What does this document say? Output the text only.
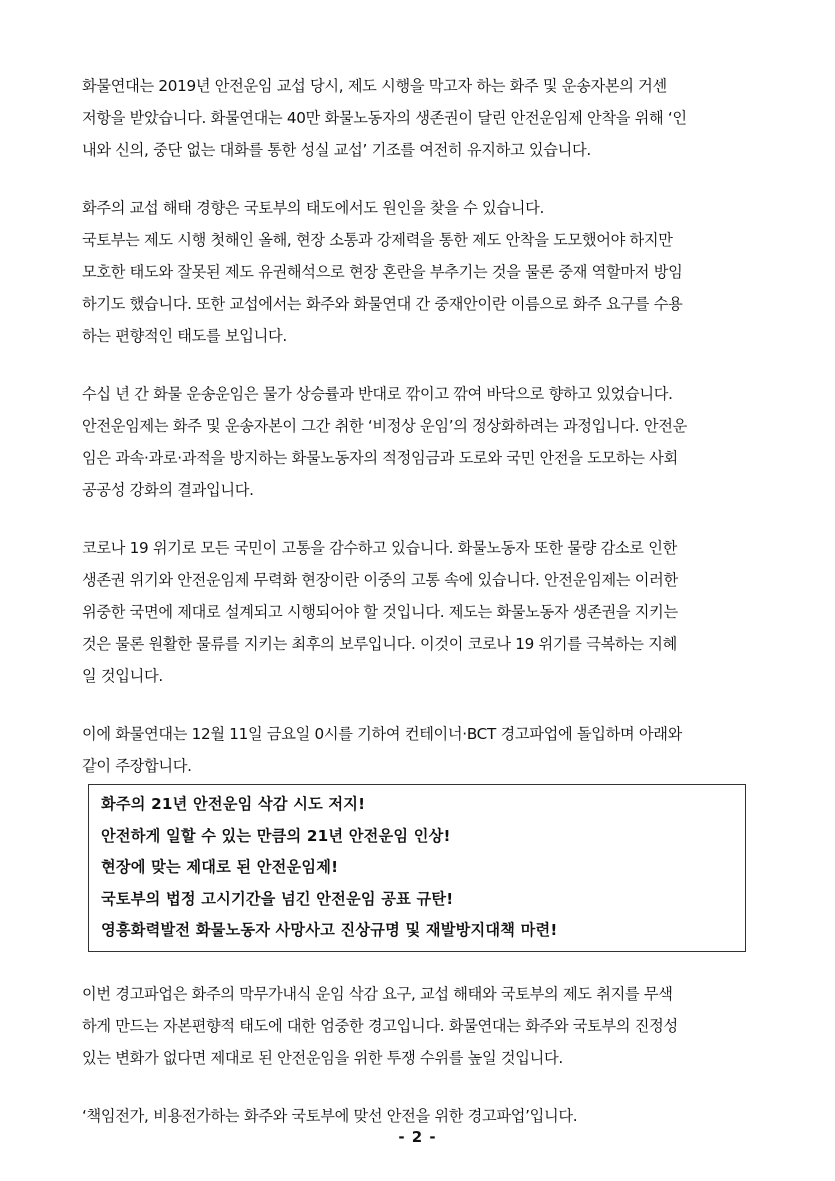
화물연대는 2019년 안전운임 교섭 당시, 제도 시행을 막고자 하는 화주 및 운송자본의 거센
저항을 받았습니다. 화물연대는 40만 화물노동자의 생존권이 달린 안전운임제 안착을 위해 ‘인
내와 신의, 중단 없는 대화를 통한 성실 교섭’ 기조를 여전히 유지하고 있습니다.

화주의 교섭 해태 경향은 국토부의 태도에서도 원인을 찾을 수 있습니다.
국토부는 제도 시행 첫해인 올해, 현장 소통과 강제력을 통한 제도 안착을 도모했어야 하지만
모호한 태도와 잘못된 제도 유권해석으로 현장 혼란을 부추기는 것을 물론 중재 역할마저 방임
하기도 했습니다. 또한 교섭에서는 화주와 화물연대 간 중재안이란 이름으로 화주 요구를 수용
하는 편향적인 태도를 보입니다.

수십 년 간 화물 운송운임은 물가 상승률과 반대로 깎이고 깎여 바닥으로 향하고 있었습니다.
안전운임제는 화주 및 운송자본이 그간 취한 ‘비정상 운임’의 정상화하려는 과정입니다. 안전운
임은 과속·과로·과적을 방지하는 화물노동자의 적정임금과 도로와 국민 안전을 도모하는 사회
공공성 강화의 결과입니다.

코로나 19 위기로 모든 국민이 고통을 감수하고 있습니다. 화물노동자 또한 물량 감소로 인한
생존권 위기와 안전운임제 무력화 현장이란 이중의 고통 속에 있습니다. 안전운임제는 이러한
위중한 국면에 제대로 설계되고 시행되어야 할 것입니다. 제도는 화물노동자 생존권을 지키는
것은 물론 원활한 물류를 지키는 최후의 보루입니다. 이것이 코로나 19 위기를 극복하는 지혜
일 것입니다.

이에 화물연대는 12월 11일 금요일 0시를 기하여 컨테이너·BCT 경고파업에 돌입하며 아래와
같이 주장합니다.

화주의 21년 안전운임 삭감 시도 저지!
안전하게 일할 수 있는 만큼의 21년 안전운임 인상!
현장에 맞는 제대로 된 안전운임제!
국토부의 법정 고시기간을 넘긴 안전운임 공표 규탄!
영흥화력발전 화물노동자 사망사고 진상규명 및 재발방지대책 마련!

이번 경고파업은 화주의 막무가내식 운임 삭감 요구, 교섭 해태와 국토부의 제도 취지를 무색
하게 만드는 자본편향적 태도에 대한 엄중한 경고입니다. 화물연대는 화주와 국토부의 진정성
있는 변화가 없다면 제대로 된 안전운임을 위한 투쟁 수위를 높일 것입니다.

‘책임전가, 비용전가하는 화주와 국토부에 맞선 안전을 위한 경고파업’입니다.

- 2 -
